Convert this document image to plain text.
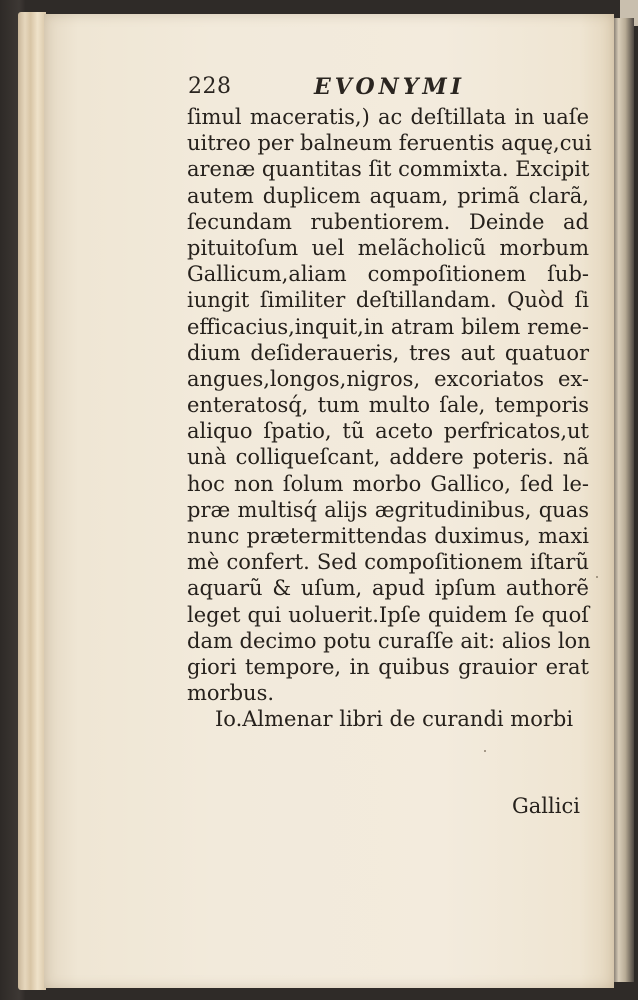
228	EVONYMI
ſimul maceratis,) ac deſtillata in uaſe
uitreo per balneum feruentis aquę,cui
arenæ quantitas ſit commixta. Excipit
autem duplicem aquam, primã clarã,
ſecundam rubentiorem. Deinde ad
pituitoſum uel melãcholicũ morbum
Gallicum,aliam compoſitionem ſub-
iungit ſimiliter deſtillandam. Quòd ſi
efficacius,inquit,in atram bilem reme-
dium deſideraueris, tres aut quatuor
angues,longos,nigros, excoriatos ex-
enteratosq́, tum multo ſale, temporis
aliquo ſpatio, tũ aceto perfricatos,ut
unà colliqueſcant, addere poteris. nã
hoc non ſolum morbo Gallico, ſed le-
præ multisq́ alijs ægritudinibus, quas
nunc prætermittendas duximus, maxi
mè confert. Sed compoſitionem iſtarũ
aquarũ & uſum, apud ipſum authorẽ
leget qui uoluerit.Ipſe quidem ſe quoſ
dam decimo potu curaſſe ait: alios lon
giori tempore, in quibus grauior erat
morbus.
Io.Almenar libri de curandi morbi
Gallici
